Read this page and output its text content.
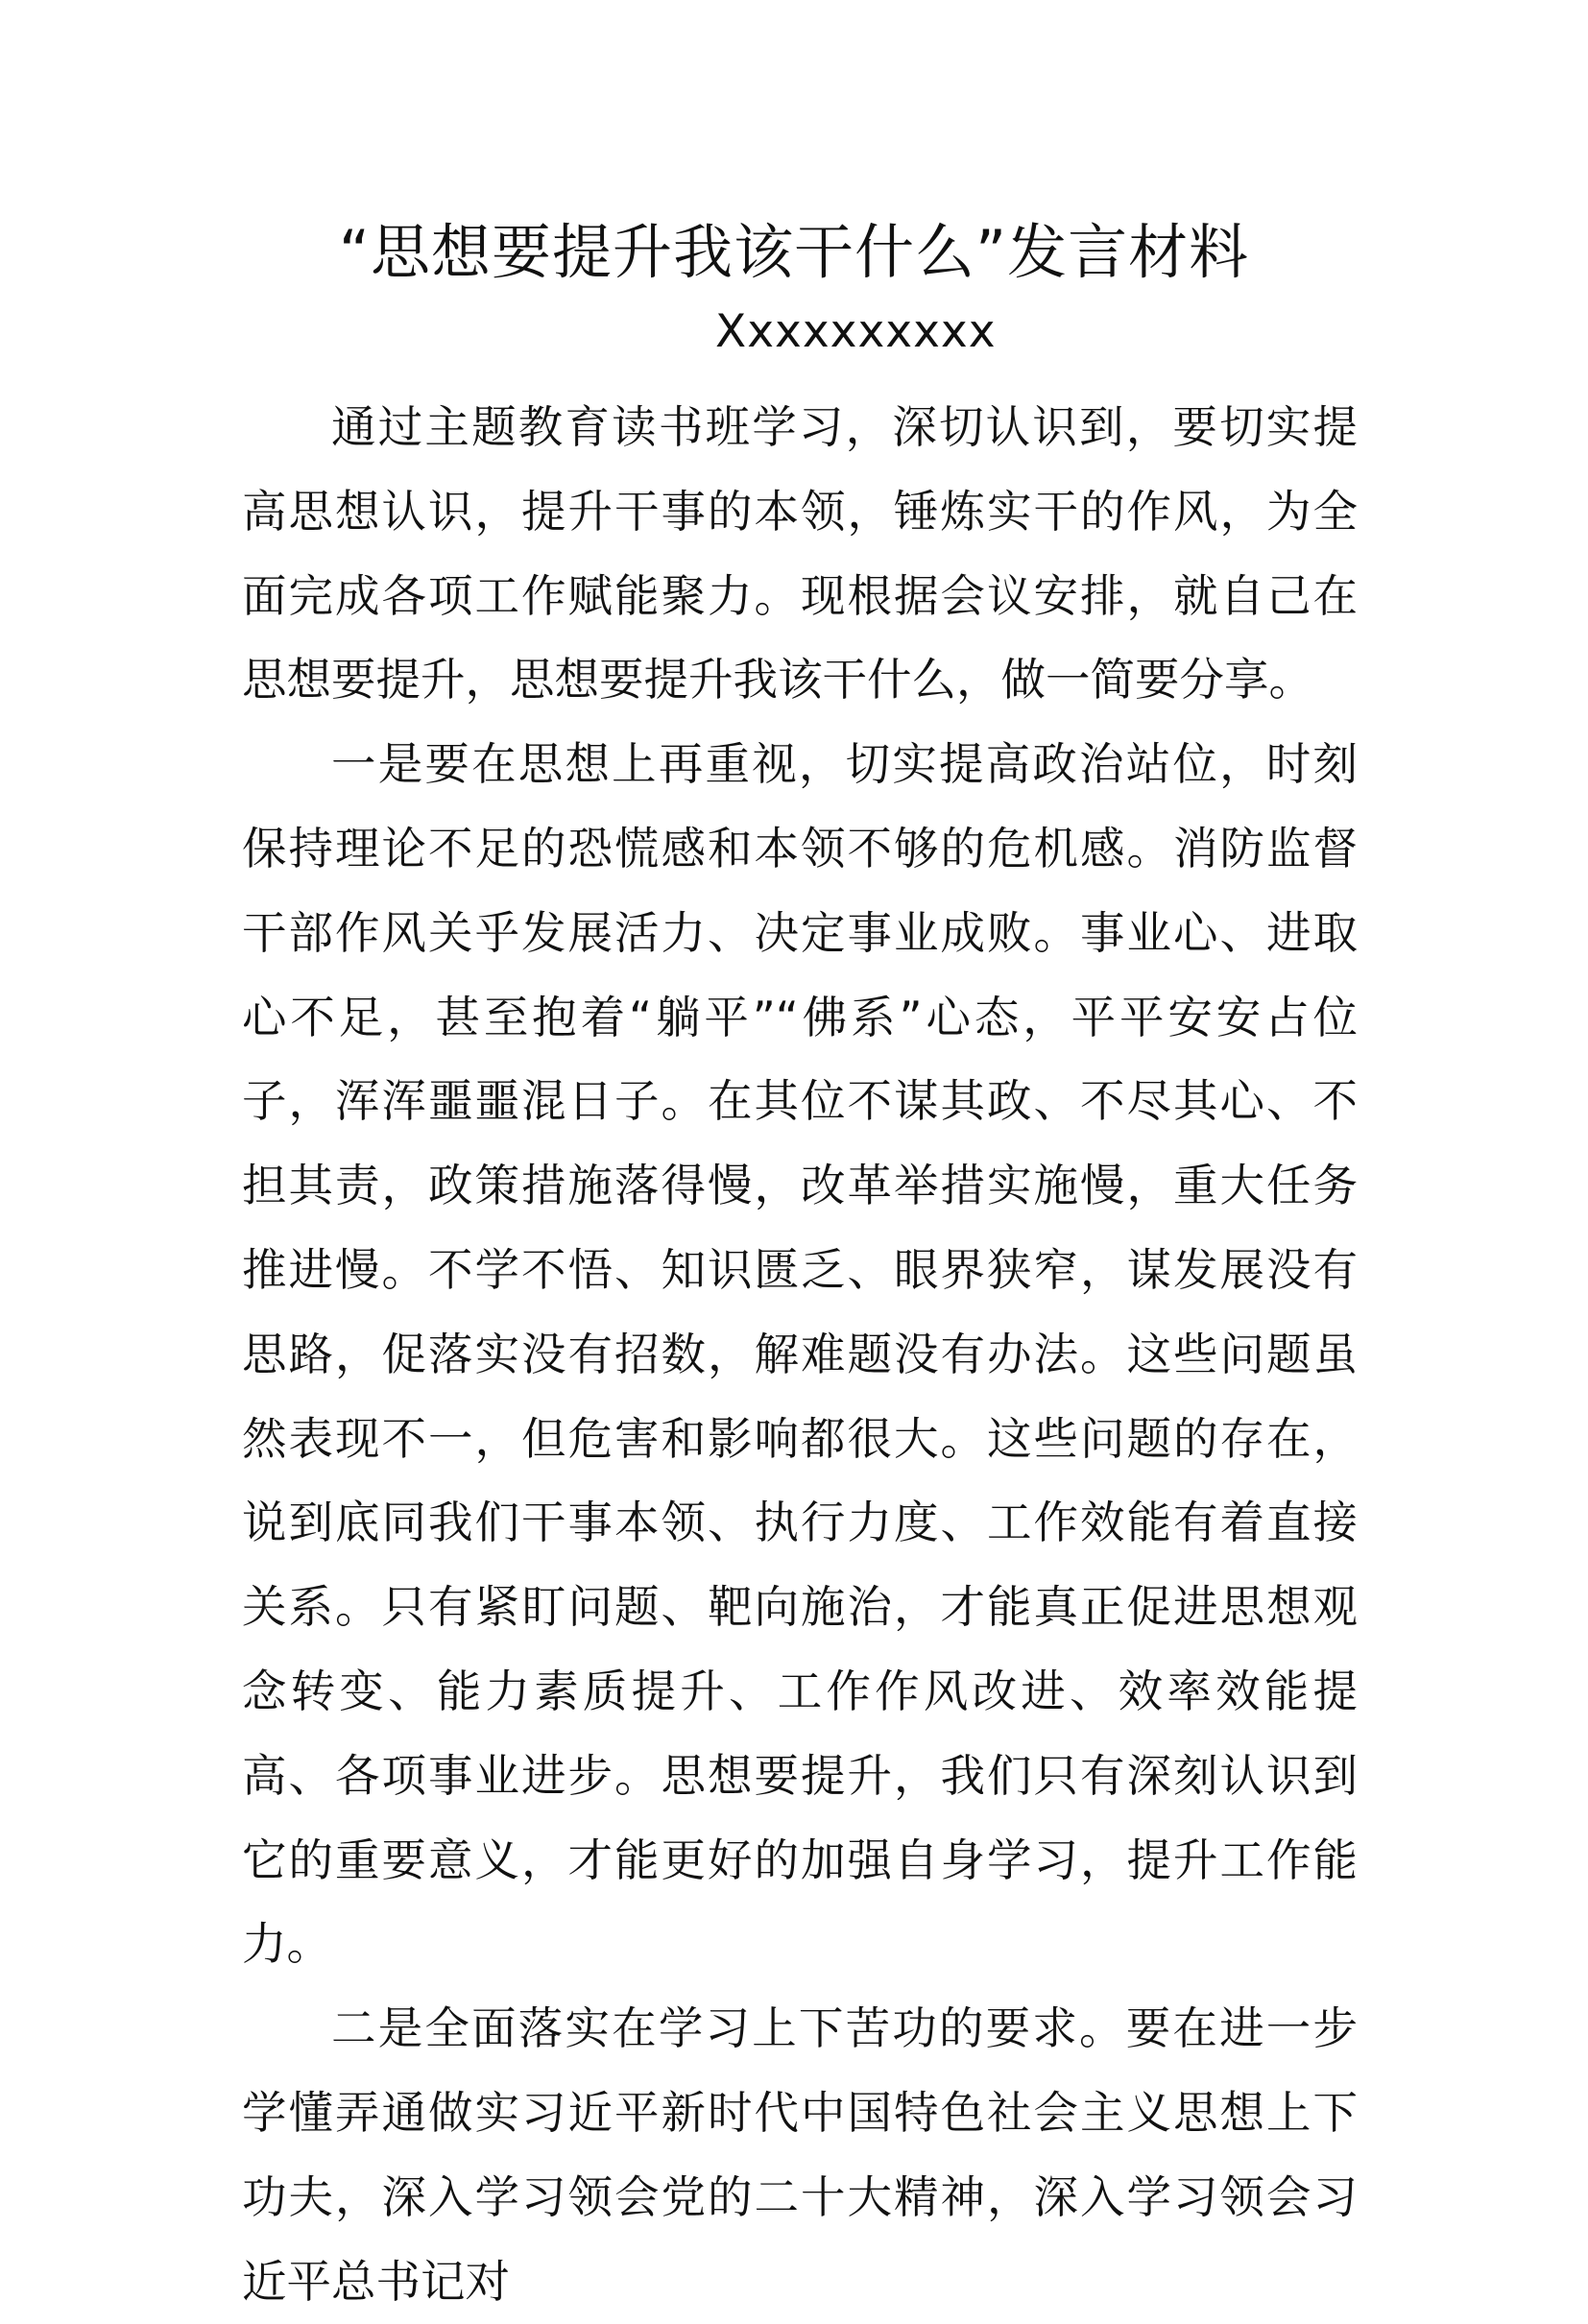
“思想要提升我该干什么”发言材料
Xxxxxxxxxx

通过主题教育读书班学习，深切认识到，要切实提高思想认识，提升干事的本领，锤炼实干的作风，为全面完成各项工作赋能聚力。现根据会议安排，就自己在思想要提升，思想要提升我该干什么，做一简要分享。

一是要在思想上再重视，切实提高政治站位，时刻保持理论不足的恐慌感和本领不够的危机感。消防监督干部作风关乎发展活力、决定事业成败。事业心、进取心不足，甚至抱着“躺平”“佛系”心态，平平安安占位子，浑浑噩噩混日子。在其位不谋其政、不尽其心、不担其责，政策措施落得慢，改革举措实施慢，重大任务推进慢。不学不悟、知识匮乏、眼界狭窄，谋发展没有思路，促落实没有招数，解难题没有办法。这些问题虽然表现不一，但危害和影响都很大。这些问题的存在，说到底同我们干事本领、执行力度、工作效能有着直接关系。只有紧盯问题、靶向施治，才能真正促进思想观念转变、能力素质提升、工作作风改进、效率效能提高、各项事业进步。思想要提升，我们只有深刻认识到它的重要意义，才能更好的加强自身学习，提升工作能力。

二是全面落实在学习上下苦功的要求。要在进一步学懂弄通做实习近平新时代中国特色社会主义思想上下功夫，深入学习领会党的二十大精神，深入学习领会习近平总书记对
